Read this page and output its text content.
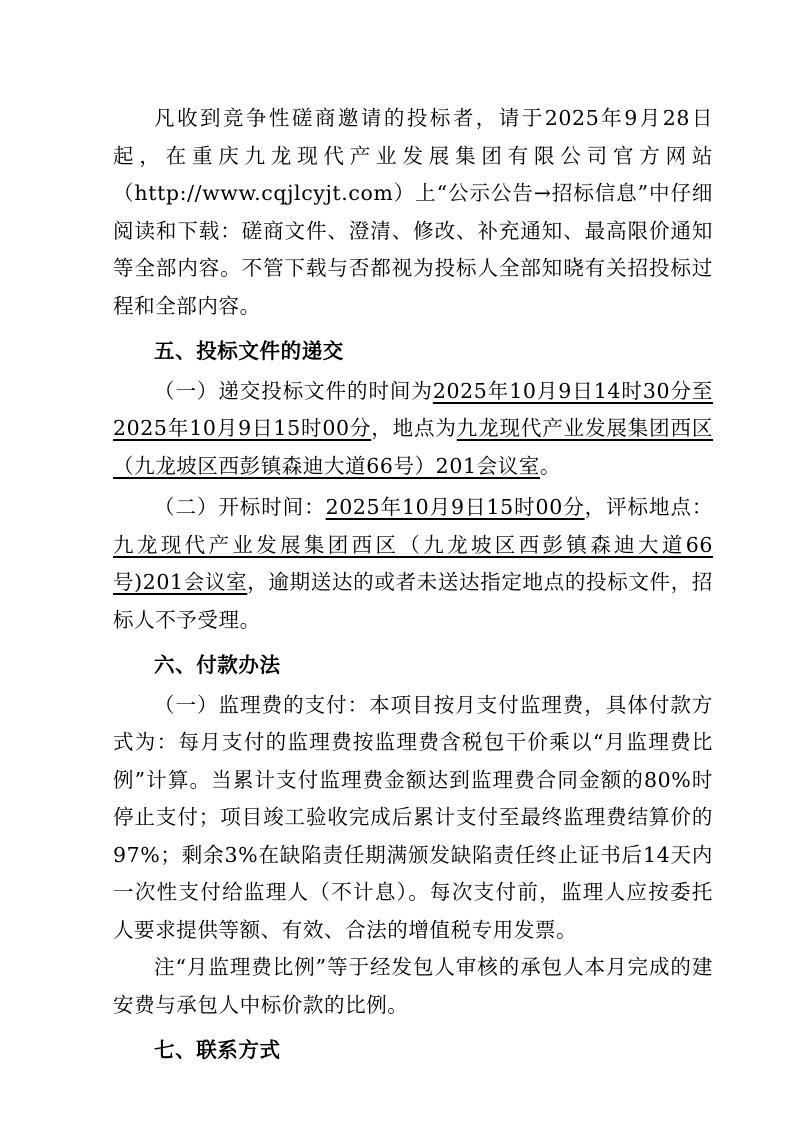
凡收到竞争性磋商邀请的投标者，请于2025年9月28日起，在重庆九龙现代产业发展集团有限公司官方网站（http://www.cqjlcyjt.com）上“公示公告→招标信息”中仔细阅读和下载：磋商文件、澄清、修改、补充通知、最高限价通知等全部内容。不管下载与否都视为投标人全部知晓有关招投标过程和全部内容。

五、投标文件的递交

（一）递交投标文件的时间为2025年10月9日14时30分至2025年10月9日15时00分，地点为九龙现代产业发展集团西区（九龙坡区西彭镇森迪大道66号）201会议室。

（二）开标时间：2025年10月9日15时00分，评标地点：九龙现代产业发展集团西区（九龙坡区西彭镇森迪大道66号)201会议室，逾期送达的或者未送达指定地点的投标文件，招标人不予受理。

六、付款办法

（一）监理费的支付：本项目按月支付监理费，具体付款方式为：每月支付的监理费按监理费含税包干价乘以“月监理费比例”计算。当累计支付监理费金额达到监理费合同金额的80%时停止支付；项目竣工验收完成后累计支付至最终监理费结算价的97%；剩余3%在缺陷责任期满颁发缺陷责任终止证书后14天内一次性支付给监理人（不计息）。每次支付前，监理人应按委托人要求提供等额、有效、合法的增值税专用发票。

注“月监理费比例”等于经发包人审核的承包人本月完成的建安费与承包人中标价款的比例。

七、联系方式
